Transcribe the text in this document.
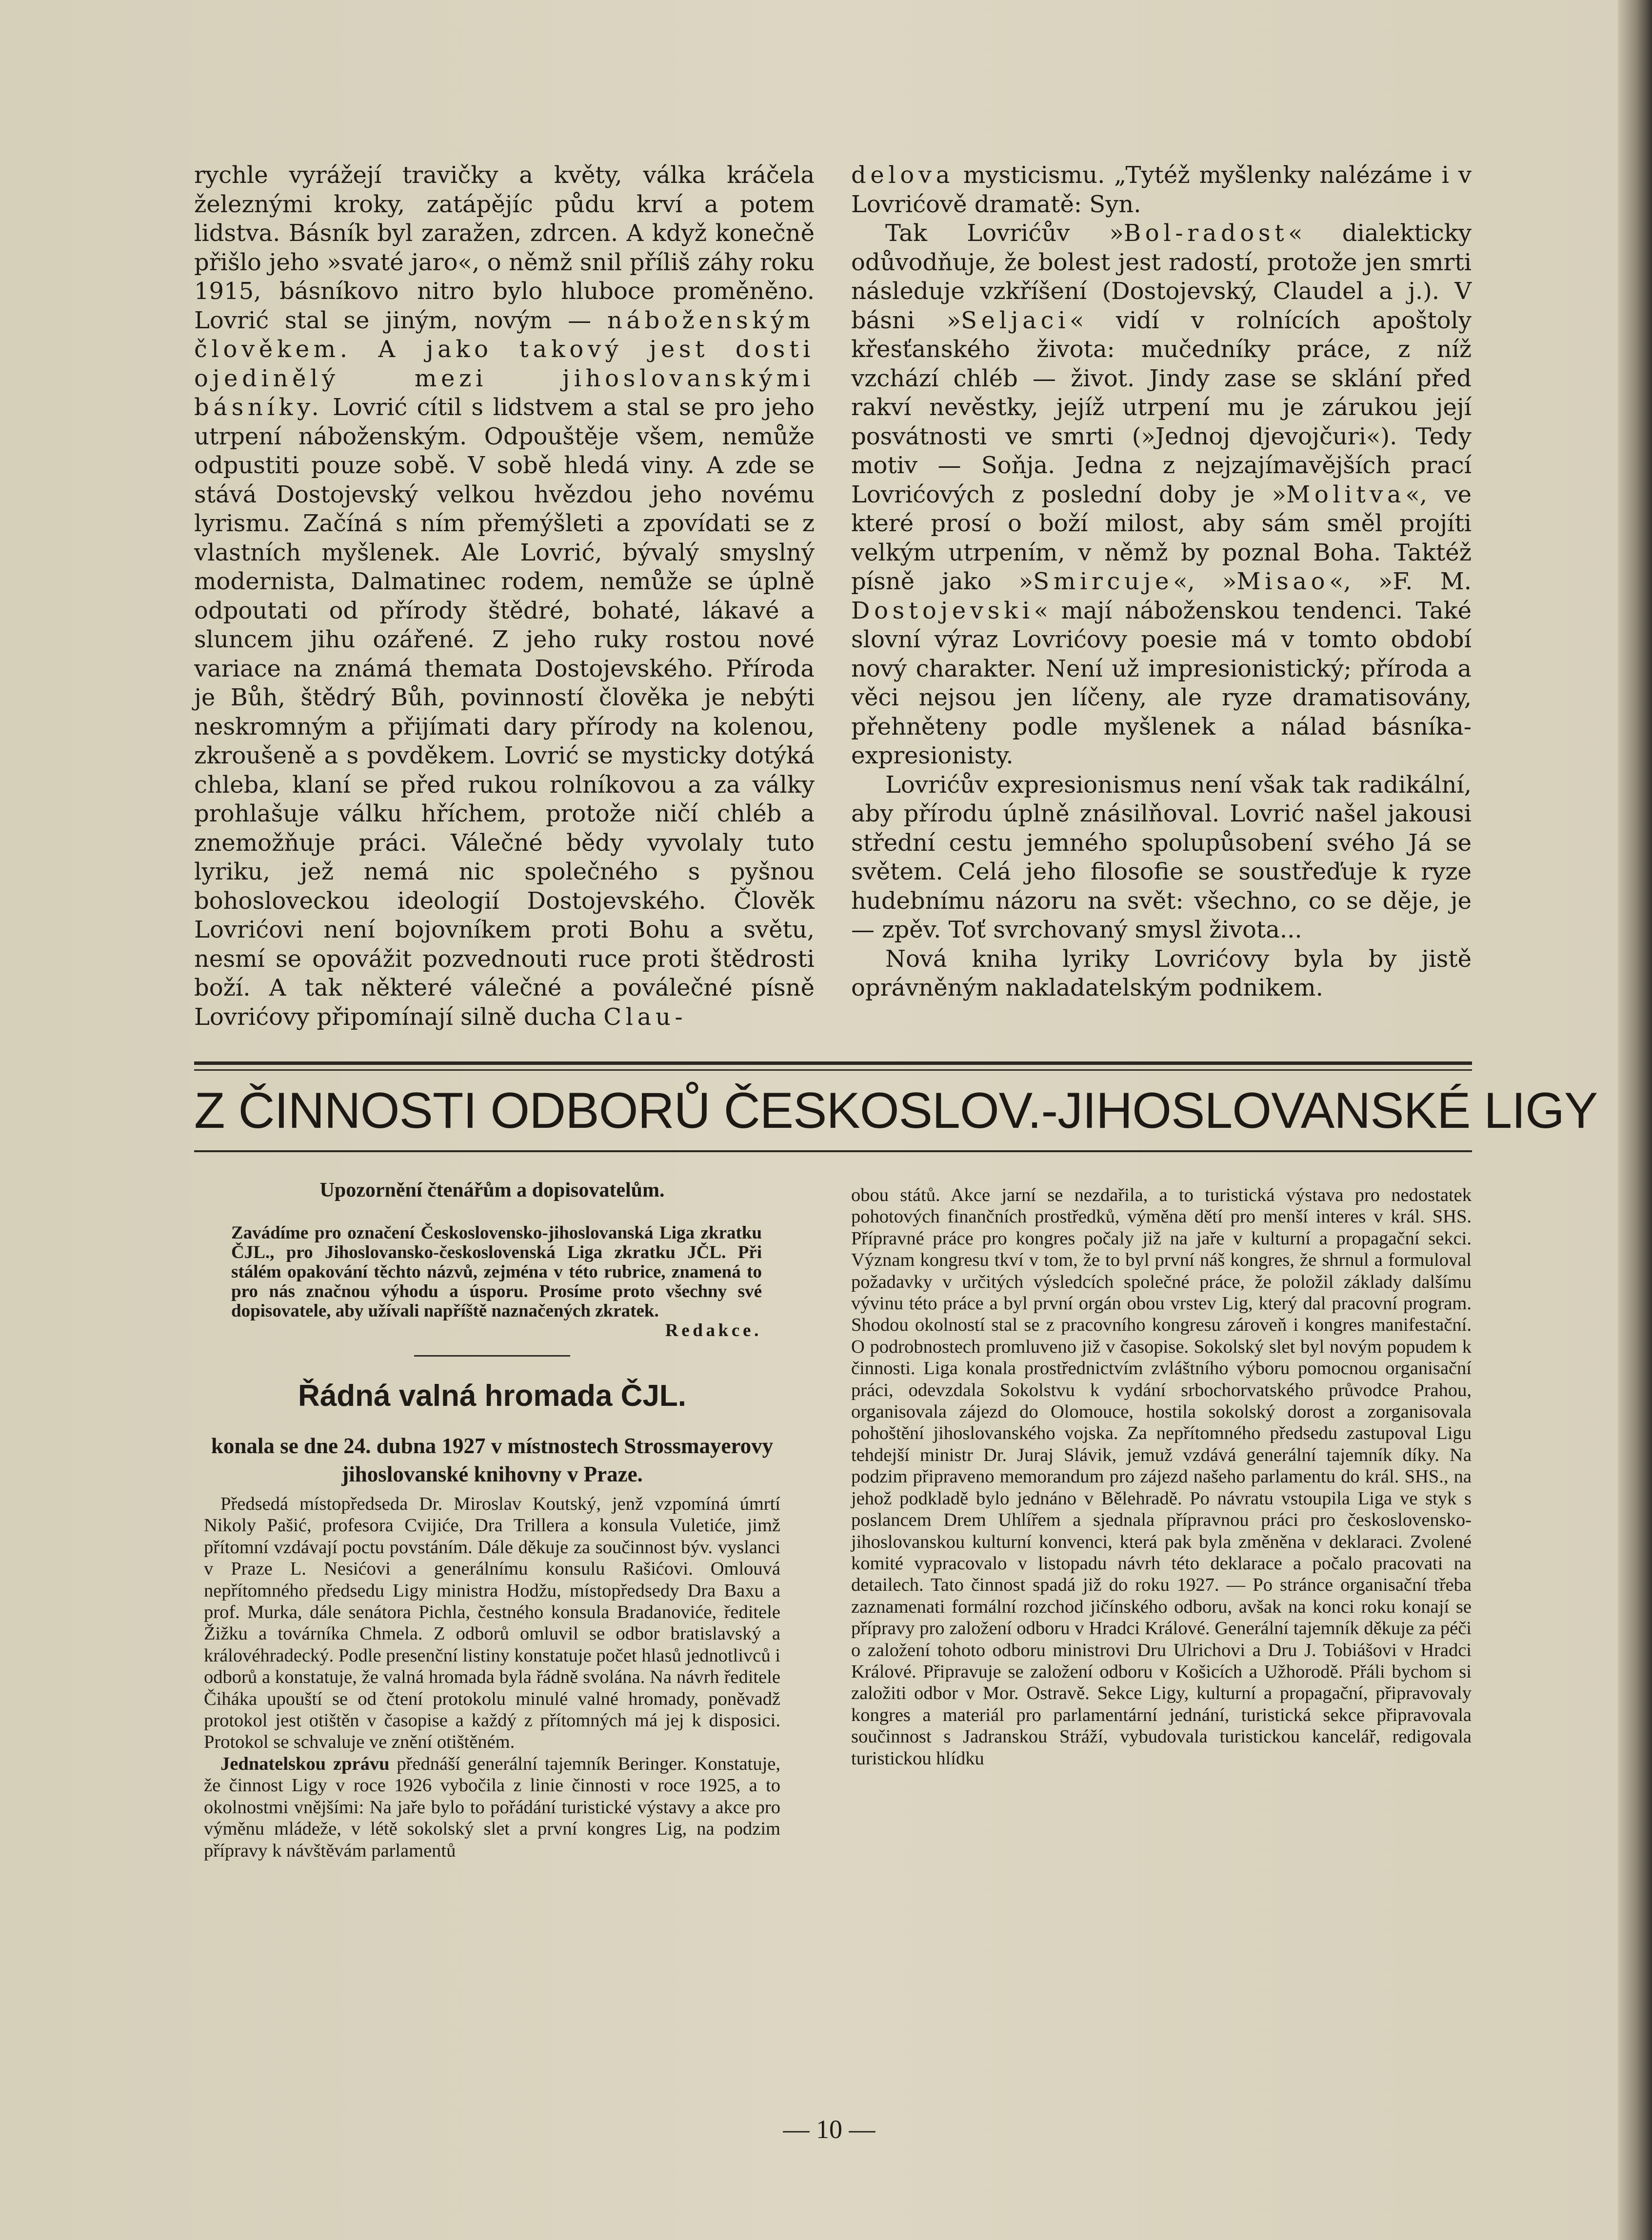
rychle vyrážejí travičky a květy, válka kráčela železnými kroky, zatápějíc půdu krví a potem lidstva. Básník byl zaražen, zdrcen. A když konečně přišlo jeho »svaté jaro«, o němž snil příliš záhy roku 1915, básníkovo nitro bylo hluboce proměněno. Lovrić stal se jiným, novým — náboženským člověkem. A jako takový jest dosti ojedinělý mezi jihoslovanskými básníky. Lovrić cítil s lidstvem a stal se pro jeho utrpení náboženským. Odpouštěje všem, nemůže odpustiti pouze sobě. V sobě hledá viny. A zde se stává Dostojevský velkou hvězdou jeho novému lyrismu. Začíná s ním přemýšleti a zpovídati se z vlastních myšlenek. Ale Lovrić, bývalý smyslný modernista, Dalmatinec rodem, nemůže se úplně odpoutati od přírody štědré, bohaté, lákavé a sluncem jihu ozářené. Z jeho ruky rostou nové variace na známá themata Dostojevského. Příroda je Bůh, štědrý Bůh, povinností člověka je nebýti neskromným a přijímati dary přírody na kolenou, zkroušeně a s povděkem. Lovrić se mysticky dotýká chleba, klaní se před rukou rolníkovou a za války prohlašuje válku hříchem, protože ničí chléb a znemožňuje práci. Válečné bědy vyvolaly tuto lyriku, jež nemá nic společného s pyšnou bohosloveckou ideologií Dostojevského. Člověk Lovrićovi není bojovníkem proti Bohu a světu, nesmí se opovážit pozvednouti ruce proti štědrosti boží. A tak některé válečné a poválečné písně Lovrićovy připomínají silně ducha Clau-

delova mysticismu. „Tytéž myšlenky nalézáme i v Lovrićově dramatě: Syn.

Tak Lovrićův »Bol-radost« dialekticky odůvodňuje, že bolest jest radostí, protože jen smrti následuje vzkříšení (Dostojevský, Claudel a j.). V básni »Seljaci« vidí v rolnících apoštoly křesťanského života: mučedníky práce, z níž vzchází chléb — život. Jindy zase se sklání před rakví nevěstky, jejíž utrpení mu je zárukou její posvátnosti ve smrti (»Jednoj djevojčuri«). Tedy motiv — Soňja. Jedna z nejzajímavějších prací Lovrićových z poslední doby je »Molitva«, ve které prosí o boží milost, aby sám směl projíti velkým utrpením, v němž by poznal Boha. Taktéž písně jako »Smircuje«, »Misao«, »F. M. Dostojevski« mají náboženskou tendenci. Také slovní výraz Lovrićovy poesie má v tomto období nový charakter. Není už impresionistický; příroda a věci nejsou jen líčeny, ale ryze dramatisovány, přehněteny podle myšlenek a nálad básníka-expresionisty.

Lovrićův expresionismus není však tak radikální, aby přírodu úplně znásilňoval. Lovrić našel jakousi střední cestu jemného spolupůsobení svého Já se světem. Celá jeho filosofie se soustřeďuje k ryze hudebnímu názoru na svět: všechno, co se děje, je — zpěv. Toť svrchovaný smysl života...

Nová kniha lyriky Lovrićovy byla by jistě oprávněným nakladatelským podnikem.

Z ČINNOSTI ODBORŮ ČESKOSLOV.-JIHOSLOVANSKÉ LIGY
Upozornění čtenářům a dopisovatelům.
Zavádíme pro označení Československo-jihoslovanská Liga zkratku ČJL., pro Jihoslovansko-československá Liga zkratku JČL. Při stálém opakování těchto názvů, zejména v této rubrice, znamená to pro nás značnou výhodu a úsporu. Prosíme proto všechny své dopisovatele, aby užívali napříště naznačených zkratek.
Redakce.
Řádná valná hromada ČJL.
konala se dne 24. dubna 1927 v místnostech Strossmayerovy jihoslovanské knihovny v Praze.

Předsedá místopředseda Dr. Miroslav Koutský, jenž vzpomíná úmrtí Nikoly Pašić, profesora Cvijiće, Dra Trillera a konsula Vuletiće, jimž přítomní vzdávají poctu povstáním. Dále děkuje za součinnost býv. vyslanci v Praze L. Nesićovi a generálnímu konsulu Rašićovi. Omlouvá nepřítomného předsedu Ligy ministra Hodžu, místopředsedy Dra Baxu a prof. Murka, dále senátora Pichla, čestného konsula Bradanoviće, ředitele Žižku a továrníka Chmela. Z odborů omluvil se odbor bratislavský a královéhradecký. Podle presenční listiny konstatuje počet hlasů jednotlivců i odborů a konstatuje, že valná hromada byla řádně svolána. Na návrh ředitele Čiháka upouští se od čtení protokolu minulé valné hromady, poněvadž protokol jest otištěn v časopise a každý z přítomných má jej k disposici. Protokol se schvaluje ve znění otištěném.

Jednatelskou zprávu přednáší generální tajemník Beringer. Konstatuje, že činnost Ligy v roce 1926 vybočila z linie činnosti v roce 1925, a to okolnostmi vnějšími: Na jaře bylo to pořádání turistické výstavy a akce pro výměnu mládeže, v létě sokolský slet a první kongres Lig, na podzim přípravy k návštěvám parlamentů

obou států. Akce jarní se nezdařila, a to turistická výstava pro nedostatek pohotových finančních prostředků, výměna dětí pro menší interes v král. SHS. Přípravné práce pro kongres počaly již na jaře v kulturní a propagační sekci. Význam kongresu tkví v tom, že to byl první náš kongres, že shrnul a formuloval požadavky v určitých výsledcích společné práce, že položil základy dalšímu vývinu této práce a byl první orgán obou vrstev Lig, který dal pracovní program. Shodou okolností stal se z pracovního kongresu zároveň i kongres manifestační. O podrobnostech promluveno již v časopise. Sokolský slet byl novým popudem k činnosti. Liga konala prostřednictvím zvláštního výboru pomocnou organisační práci, odevzdala Sokolstvu k vydání srbochorvatského průvodce Prahou, organisovala zájezd do Olomouce, hostila sokolský dorost a zorganisovala pohoštění jihoslovanského vojska. Za nepřítomného předsedu zastupoval Ligu tehdejší ministr Dr. Juraj Slávik, jemuž vzdává generální tajemník díky. Na podzim připraveno memorandum pro zájezd našeho parlamentu do král. SHS., na jehož podkladě bylo jednáno v Bělehradě. Po návratu vstoupila Liga ve styk s poslancem Drem Uhlířem a sjednala přípravnou práci pro československo-jihoslovanskou kulturní konvenci, která pak byla změněna v deklaraci. Zvolené komité vypracovalo v listopadu návrh této deklarace a počalo pracovati na detailech. Tato činnost spadá již do roku 1927. — Po stránce organisační třeba zaznamenati formální rozchod jičínského odboru, avšak na konci roku konají se přípravy pro založení odboru v Hradci Králové. Generální tajemník děkuje za péči o založení tohoto odboru ministrovi Dru Ulrichovi a Dru J. Tobiášovi v Hradci Králové. Připravuje se založení odboru v Košicích a Užhorodě. Přáli bychom si založiti odbor v Mor. Ostravě. Sekce Ligy, kulturní a propagační, připravovaly kongres a materiál pro parlamentární jednání, turistická sekce připravovala součinnost s Jadranskou Stráží, vybudovala turistickou kancelář, redigovala turistickou hlídku

— 10 —
